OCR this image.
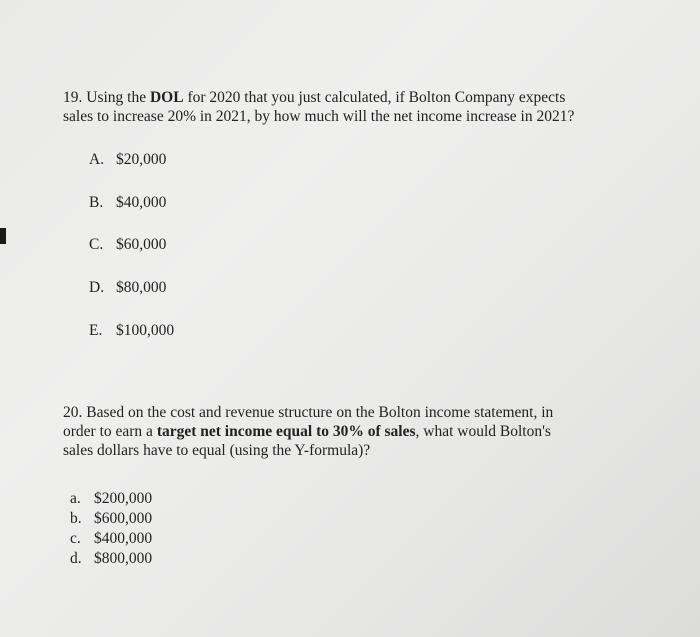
19. Using the DOL for 2020 that you just calculated, if Bolton Company expects
sales to increase 20% in 2021, by how much will the net income increase in 2021?
A. $20,000
B. $40,000
C. $60,000
D. $80,000
E. $100,000
20. Based on the cost and revenue structure on the Bolton income statement, in
order to earn a target net income equal to 30% of sales, what would Bolton's
sales dollars have to equal (using the Y-formula)?
a. $200,000
b. $600,000
c. $400,000
d. $800,000
